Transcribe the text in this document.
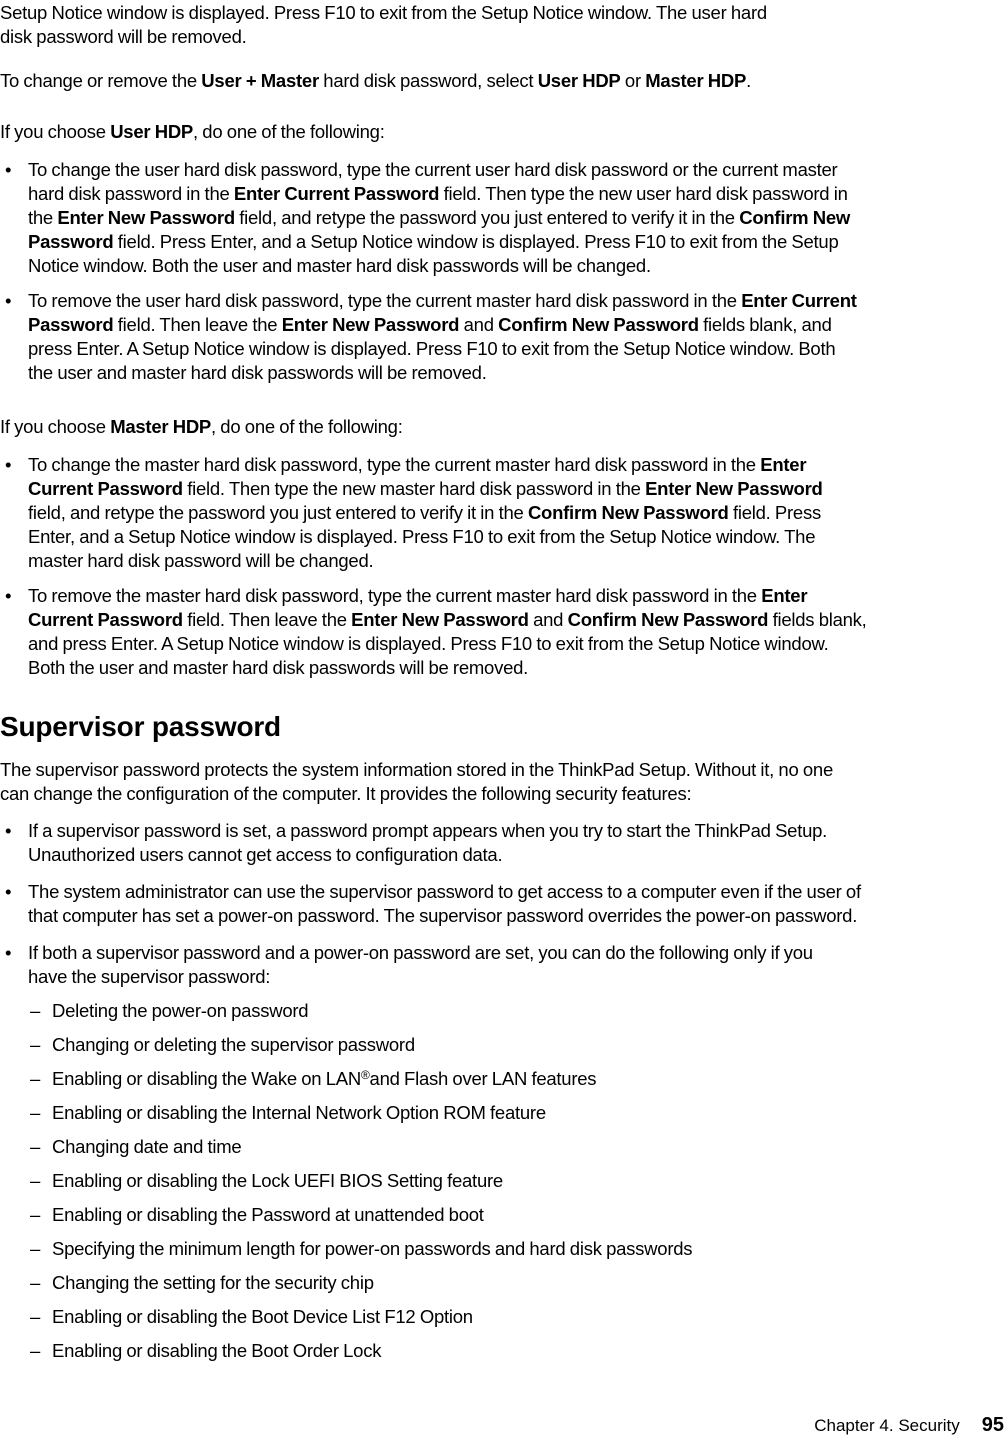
Setup Notice window is displayed. Press F10 to exit from the Setup Notice window. The user hard
disk password will be removed.
To change or remove the User + Master hard disk password, select User HDP or Master HDP.
If you choose User HDP, do one of the following:
• To change the user hard disk password, type the current user hard disk password or the current master
hard disk password in the Enter Current Password field. Then type the new user hard disk password in
the Enter New Password field, and retype the password you just entered to verify it in the Confirm New
Password field. Press Enter, and a Setup Notice window is displayed. Press F10 to exit from the Setup
Notice window. Both the user and master hard disk passwords will be changed.
• To remove the user hard disk password, type the current master hard disk password in the Enter Current
Password field. Then leave the Enter New Password and Confirm New Password fields blank, and
press Enter. A Setup Notice window is displayed. Press F10 to exit from the Setup Notice window. Both
the user and master hard disk passwords will be removed.
If you choose Master HDP, do one of the following:
• To change the master hard disk password, type the current master hard disk password in the Enter
Current Password field. Then type the new master hard disk password in the Enter New Password
field, and retype the password you just entered to verify it in the Confirm New Password field. Press
Enter, and a Setup Notice window is displayed. Press F10 to exit from the Setup Notice window. The
master hard disk password will be changed.
• To remove the master hard disk password, type the current master hard disk password in the Enter
Current Password field. Then leave the Enter New Password and Confirm New Password fields blank,
and press Enter. A Setup Notice window is displayed. Press F10 to exit from the Setup Notice window.
Both the user and master hard disk passwords will be removed.
Supervisor password
The supervisor password protects the system information stored in the ThinkPad Setup. Without it, no one
can change the configuration of the computer. It provides the following security features:
• If a supervisor password is set, a password prompt appears when you try to start the ThinkPad Setup.
Unauthorized users cannot get access to configuration data.
• The system administrator can use the supervisor password to get access to a computer even if the user of
that computer has set a power-on password. The supervisor password overrides the power-on password.
• If both a supervisor password and a power-on password are set, you can do the following only if you
have the supervisor password:
– Deleting the power-on password
– Changing or deleting the supervisor password
– Enabling or disabling the Wake on LAN®and Flash over LAN features
– Enabling or disabling the Internal Network Option ROM feature
– Changing date and time
– Enabling or disabling the Lock UEFI BIOS Setting feature
– Enabling or disabling the Password at unattended boot
– Specifying the minimum length for power-on passwords and hard disk passwords
– Changing the setting for the security chip
– Enabling or disabling the Boot Device List F12 Option
– Enabling or disabling the Boot Order Lock
Chapter 4. Security 95
